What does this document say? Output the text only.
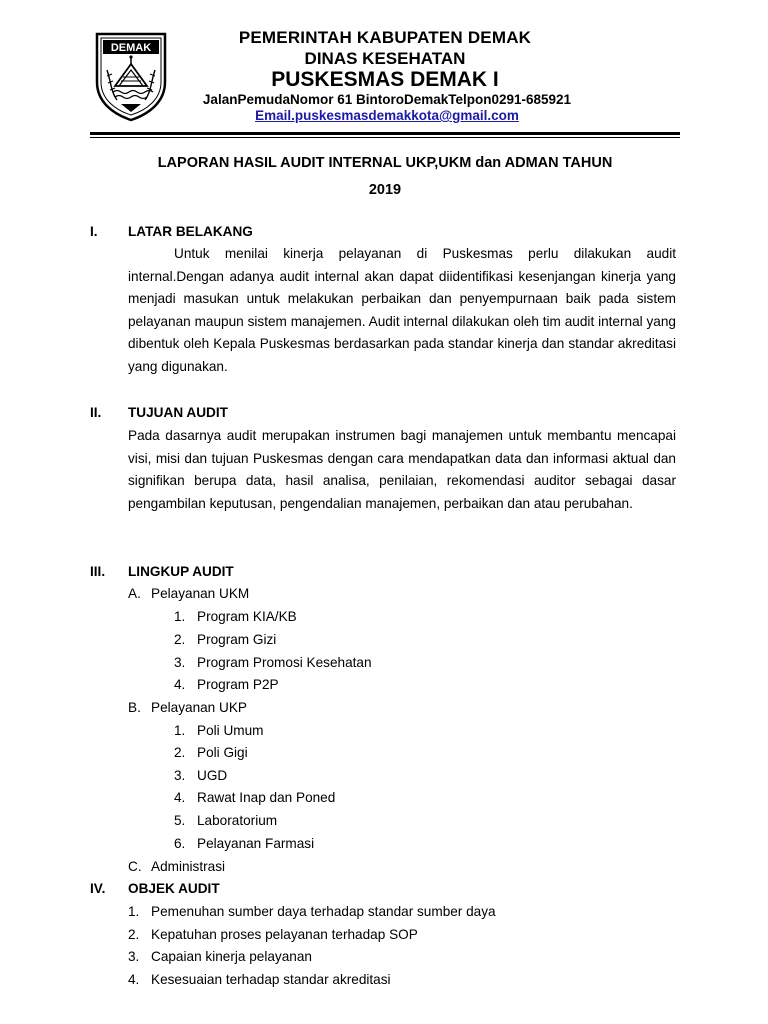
DEMAK
PEMERINTAH KABUPATEN DEMAK
DINAS KESEHATAN
PUSKESMAS DEMAK I
JalanPemudaNomor 61 BintoroDemakTelpon0291-685921
Email.puskesmasdemakkota@gmail.com
LAPORAN HASIL AUDIT INTERNAL UKP,UKM dan ADMAN TAHUN
2019
I. LATAR BELAKANG
Untuk menilai kinerja pelayanan di Puskesmas perlu dilakukan audit internal.Dengan adanya audit internal akan dapat diidentifikasi kesenjangan kinerja yang menjadi masukan untuk melakukan perbaikan dan penyempurnaan baik pada sistem pelayanan maupun sistem manajemen. Audit internal dilakukan oleh tim audit internal yang dibentuk oleh Kepala Puskesmas berdasarkan pada standar kinerja dan standar akreditasi yang digunakan.
II. TUJUAN AUDIT
Pada dasarnya audit merupakan instrumen bagi manajemen untuk membantu mencapai visi, misi dan tujuan Puskesmas dengan cara mendapatkan data dan informasi aktual dan signifikan berupa data, hasil analisa, penilaian, rekomendasi auditor sebagai dasar pengambilan keputusan, pengendalian manajemen, perbaikan dan atau perubahan.
III. LINGKUP AUDIT
A. Pelayanan UKM
1. Program KIA/KB
2. Program Gizi
3. Program Promosi Kesehatan
4. Program P2P
B. Pelayanan UKP
1. Poli Umum
2. Poli Gigi
3. UGD
4. Rawat Inap dan Poned
5. Laboratorium
6. Pelayanan Farmasi
C. Administrasi
IV. OBJEK AUDIT
1. Pemenuhan sumber daya terhadap standar sumber daya
2. Kepatuhan proses pelayanan terhadap SOP
3. Capaian kinerja pelayanan
4. Kesesuaian terhadap standar akreditasi
